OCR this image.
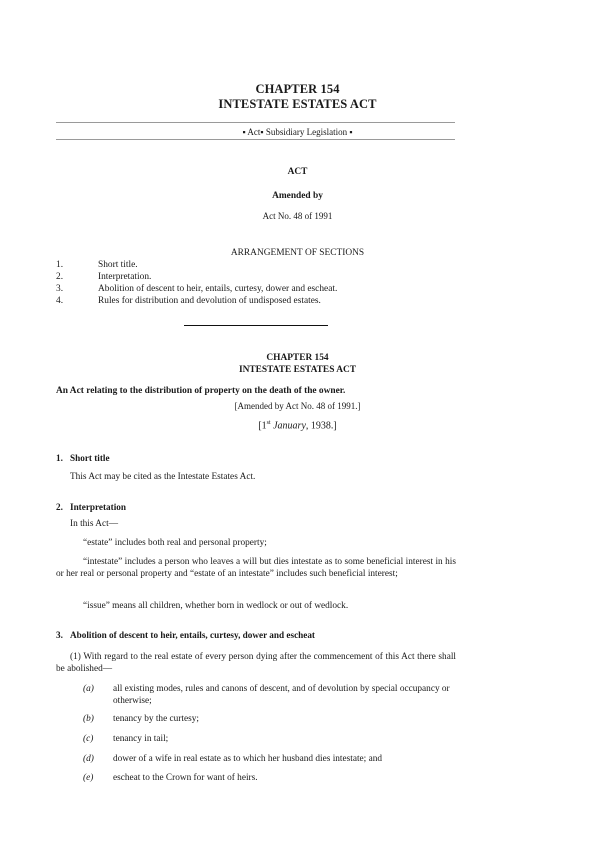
CHAPTER 154
INTESTATE ESTATES ACT
▪ Act▪ Subsidiary Legislation ▪
ACT
Amended by
Act No. 48 of 1991
ARRANGEMENT OF SECTIONS
1.	Short title.
2.	Interpretation.
3.	Abolition of descent to heir, entails, curtesy, dower and escheat.
4.	Rules for distribution and devolution of undisposed estates.
CHAPTER 154
INTESTATE ESTATES ACT
An Act relating to the distribution of property on the death of the owner.
[Amended by Act No. 48 of 1991.]
[1st January, 1938.]
1. Short title
This Act may be cited as the Intestate Estates Act.
2. Interpretation
In this Act—
“estate” includes both real and personal property;
“intestate” includes a person who leaves a will but dies intestate as to some beneficial interest in his or her real or personal property and “estate of an intestate” includes such beneficial interest;
“issue” means all children, whether born in wedlock or out of wedlock.
3. Abolition of descent to heir, entails, curtesy, dower and escheat
(1) With regard to the real estate of every person dying after the commencement of this Act there shall be abolished—
(a) all existing modes, rules and canons of descent, and of devolution by special occupancy or otherwise;
(b) tenancy by the curtesy;
(c) tenancy in tail;
(d) dower of a wife in real estate as to which her husband dies intestate; and
(e) escheat to the Crown for want of heirs.
